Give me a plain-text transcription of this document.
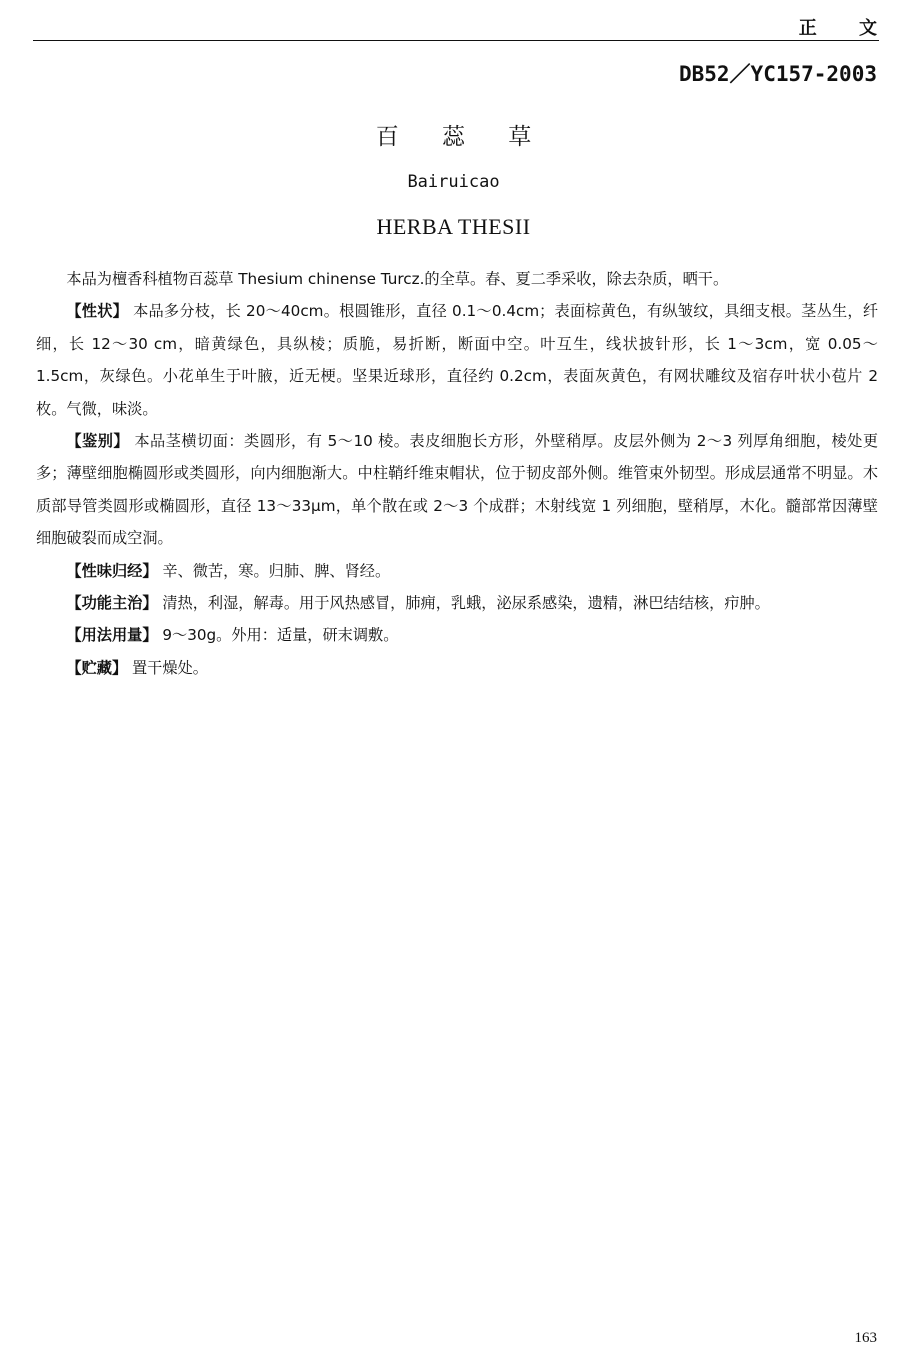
正 文
DB52／YC157-2003
百 蕊 草
Bairuicao
HERBA THESII

本品为檀香科植物百蕊草 Thesium chinense Turcz.的全草。春、夏二季采收，除去杂质，晒干。

【性状】 本品多分枝，长 20～40cm。根圆锥形，直径 0.1～0.4cm；表面棕黄色，有纵皱纹，具细支根。茎丛生，纤细，长 12～30 cm，暗黄绿色，具纵棱；质脆，易折断，断面中空。叶互生，线状披针形，长 1～3cm，宽 0.05～1.5cm，灰绿色。小花单生于叶腋，近无梗。坚果近球形，直径约 0.2cm，表面灰黄色，有网状雕纹及宿存叶状小苞片 2 枚。气微，味淡。

【鉴别】 本品茎横切面：类圆形，有 5～10 棱。表皮细胞长方形，外壁稍厚。皮层外侧为 2～3 列厚角细胞，棱处更多；薄壁细胞椭圆形或类圆形，向内细胞渐大。中柱鞘纤维束帽状，位于韧皮部外侧。维管束外韧型。形成层通常不明显。木质部导管类圆形或椭圆形，直径 13～33μm，单个散在或 2～3 个成群；木射线宽 1 列细胞，壁稍厚，木化。髓部常因薄壁细胞破裂而成空洞。

【性味归经】 辛、微苦，寒。归肺、脾、肾经。

【功能主治】 清热，利湿，解毒。用于风热感冒，肺痈，乳蛾，泌尿系感染，遗精，淋巴结结核，疖肿。

【用法用量】 9～30g。外用：适量，研末调敷。

【贮藏】 置干燥处。

163
